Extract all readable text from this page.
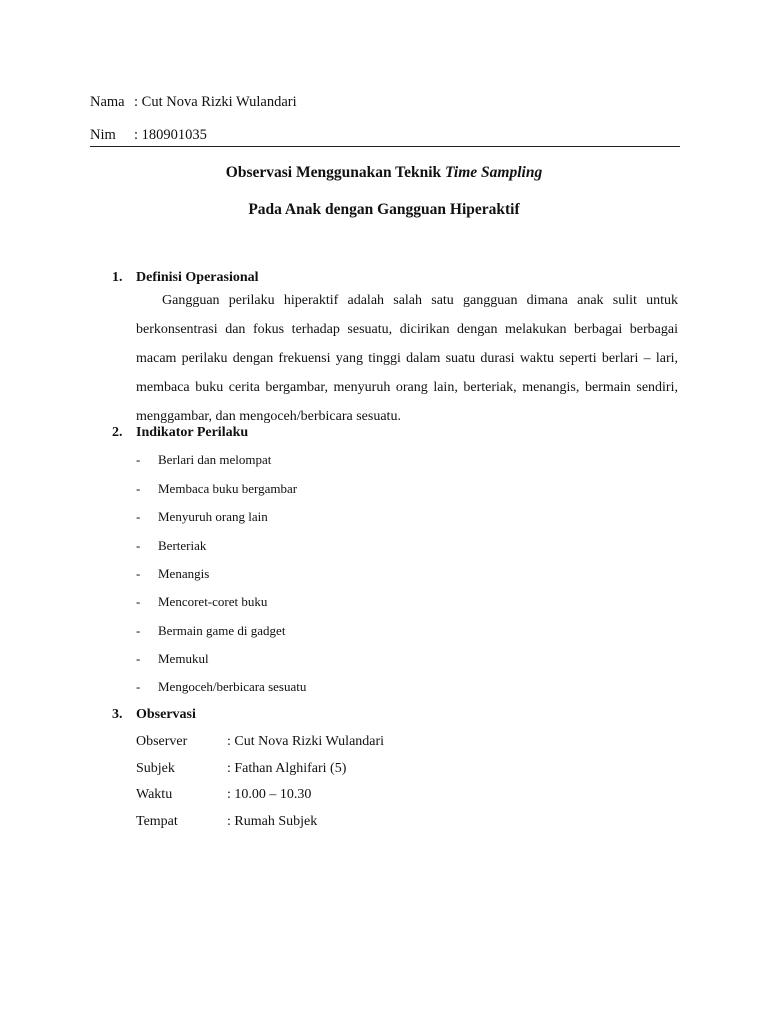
Nama : Cut Nova Rizki Wulandari
Nim : 180901035
Observasi Menggunakan Teknik Time Sampling
Pada Anak dengan Gangguan Hiperaktif
1. Definisi Operasional
Gangguan perilaku hiperaktif adalah salah satu gangguan dimana anak sulit untuk berkonsentrasi dan fokus terhadap sesuatu, dicirikan dengan melakukan berbagai berbagai macam perilaku dengan frekuensi yang tinggi dalam suatu durasi waktu seperti berlari – lari, membaca buku cerita bergambar, menyuruh orang lain, berteriak, menangis, bermain sendiri, menggambar, dan mengoceh/berbicara sesuatu.
2. Indikator Perilaku
- Berlari dan melompat
- Membaca buku bergambar
- Menyuruh orang lain
- Berteriak
- Menangis
- Mencoret-coret buku
- Bermain game di gadget
- Memukul
- Mengoceh/berbicara sesuatu
3. Observasi
Observer	: Cut Nova Rizki Wulandari
Subjek	: Fathan Alghifari (5)
Waktu	: 10.00 – 10.30
Tempat	: Rumah Subjek
